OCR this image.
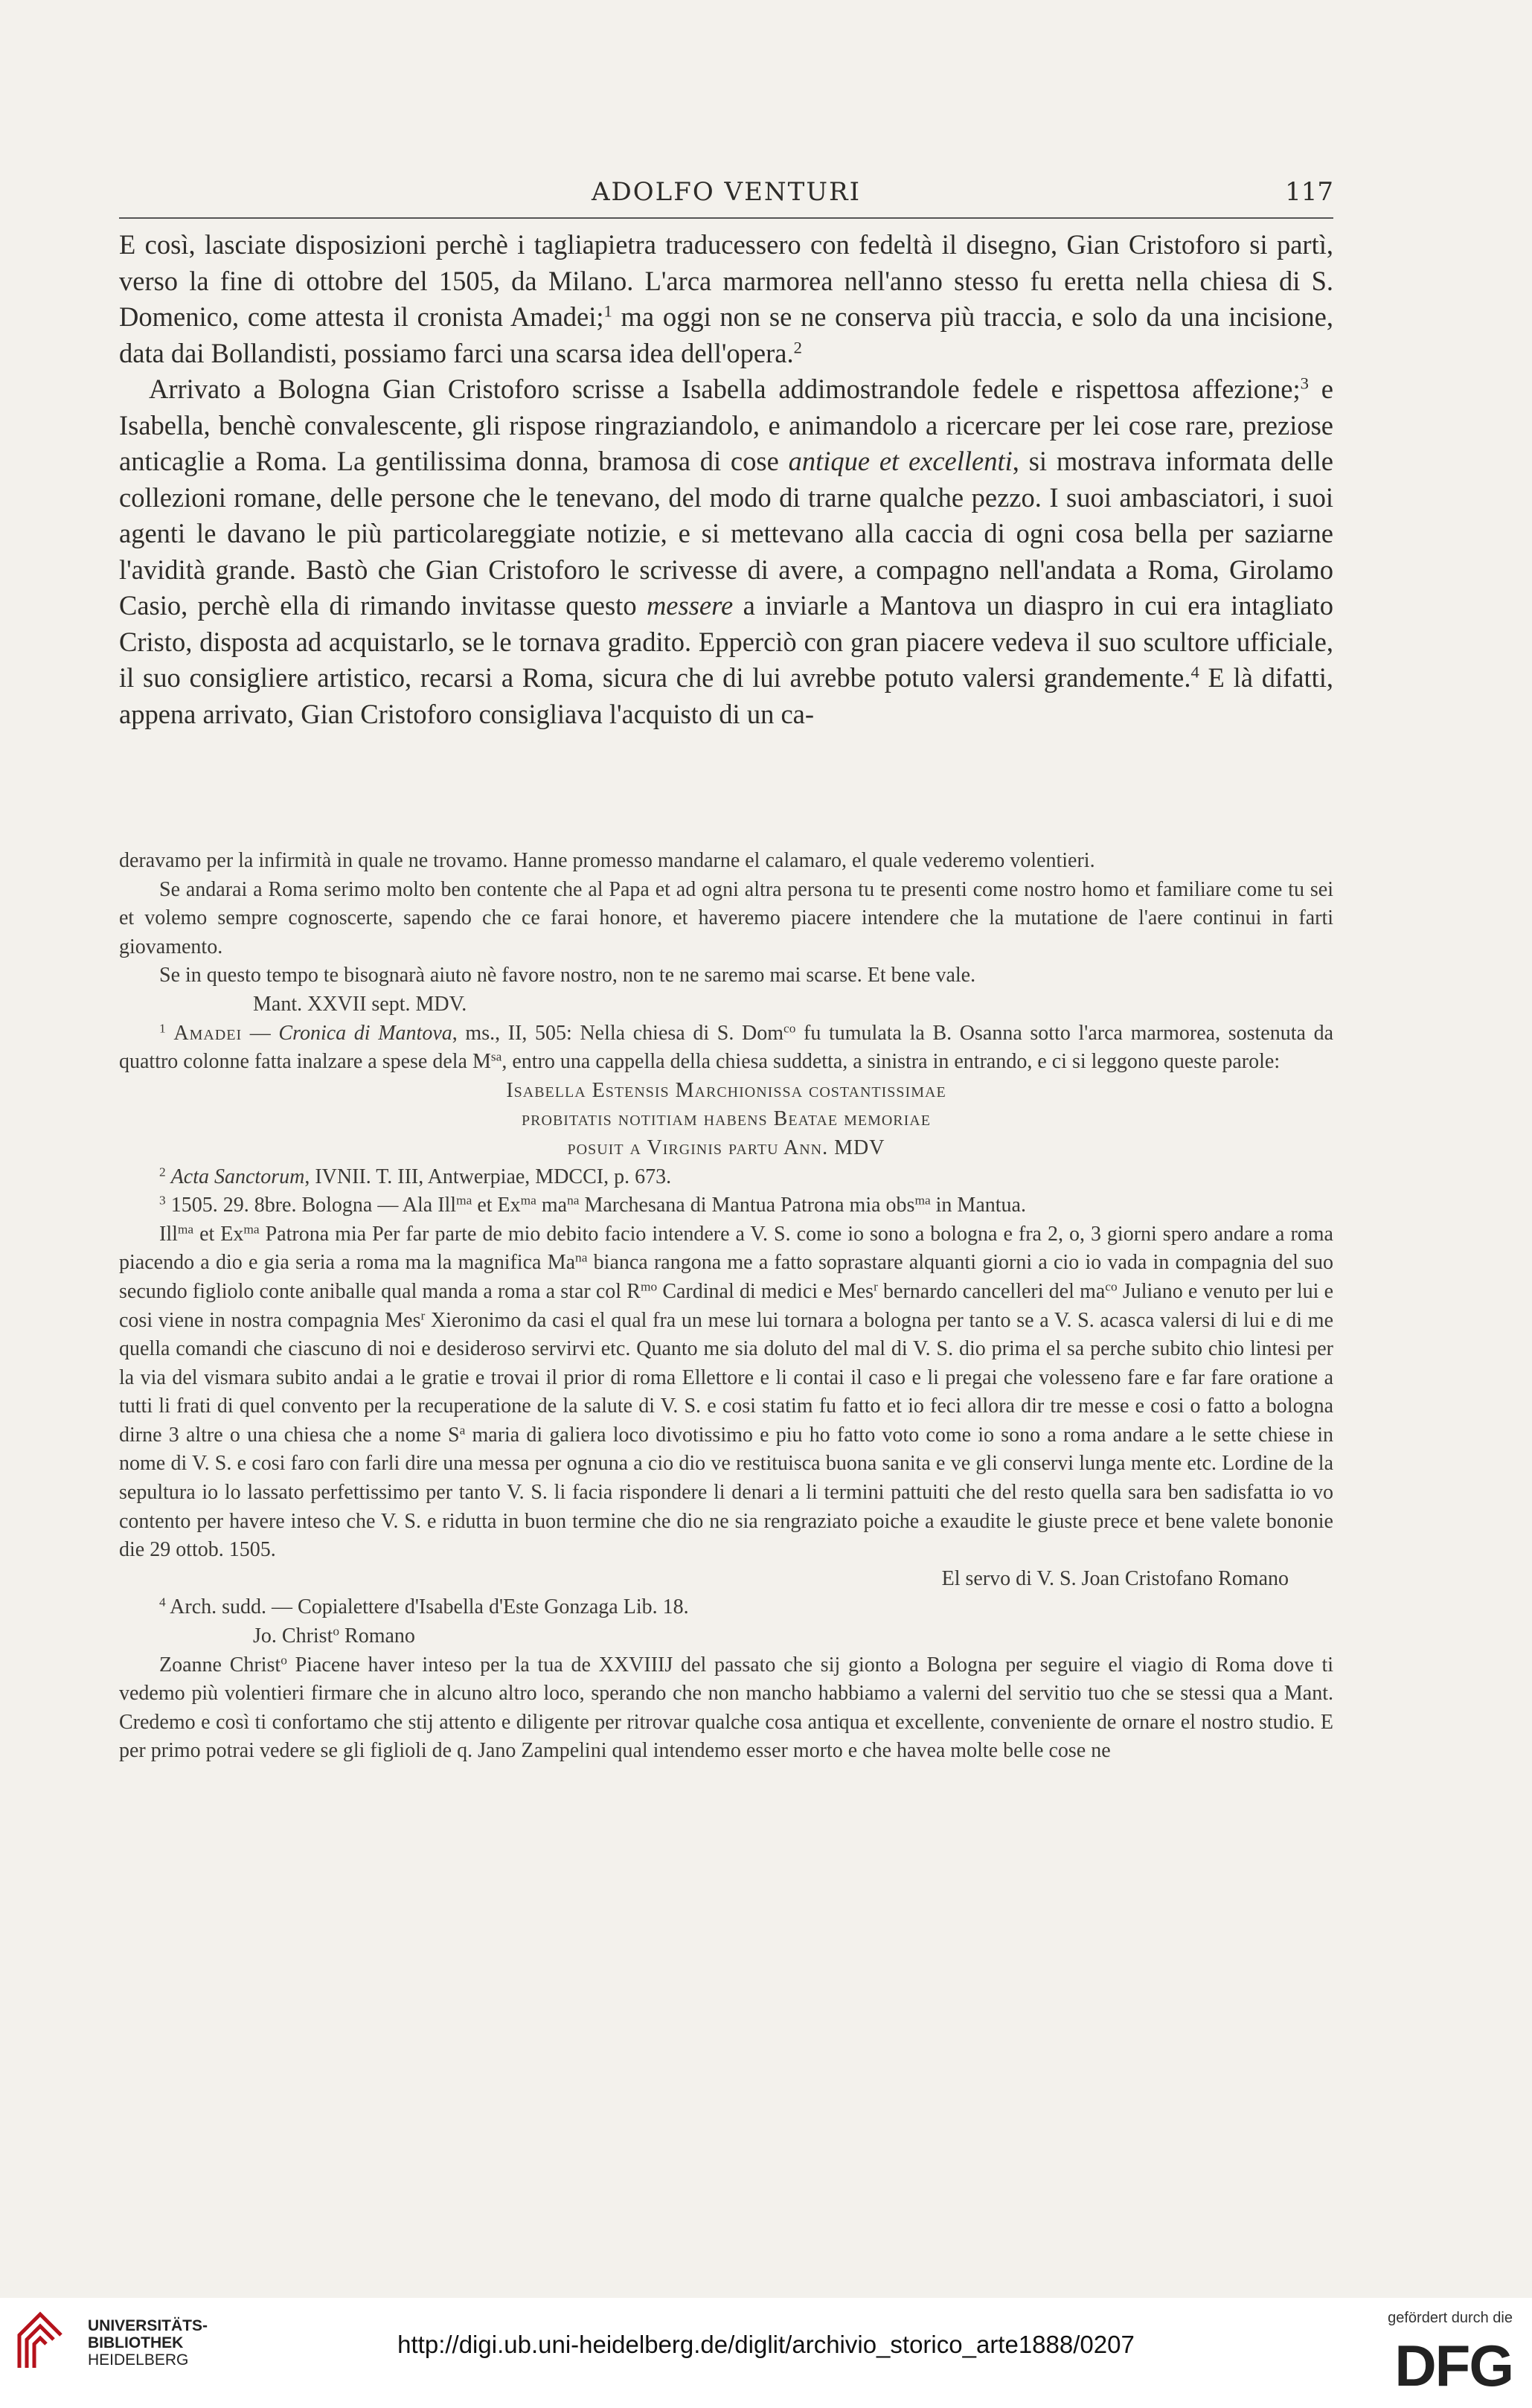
ADOLFO VENTURI	117

E così, lasciate disposizioni perchè i tagliapietra traducessero con fedeltà il disegno, Gian Cristoforo si partì, verso la fine di ottobre del 1505, da Milano. L'arca marmorea nell'anno stesso fu eretta nella chiesa di S. Domenico, come attesta il cronista Amadei;$^1$ ma oggi non se ne conserva più traccia, e solo da una incisione, data dai Bollandisti, possiamo farci una scarsa idea dell'opera.$^2$

Arrivato a Bologna Gian Cristoforo scrisse a Isabella addimostrandole fedele e rispettosa affezione;$^3$ e Isabella, benchè convalescente, gli rispose ringraziandolo, e animandolo a ricercare per lei cose rare, preziose anticaglie a Roma. La gentilissima donna, bramosa di cose antique et excellenti, si mostrava informata delle collezioni romane, delle persone che le tenevano, del modo di trarne qualche pezzo. I suoi ambasciatori, i suoi agenti le davano le più particolareggiate notizie, e si mettevano alla caccia di ogni cosa bella per saziarne l'avidità grande. Bastò che Gian Cristoforo le scrivesse di avere, a compagno nell'andata a Roma, Girolamo Casio, perchè ella di rimando invitasse questo messere a inviarle a Mantova un diaspro in cui era intagliato Cristo, disposta ad acquistarlo, se le tornava gradito. Epperciò con gran piacere vedeva il suo scultore ufficiale, il suo consigliere artistico, recarsi a Roma, sicura che di lui avrebbe potuto valersi grandemente.$^4$ E là difatti, appena arrivato, Gian Cristoforo consigliava l'acquisto di un ca-

deravamo per la infirmità in quale ne trovamo. Hanne promesso mandarne el calamaro, el quale vederemo volentieri.

Se andarai a Roma serimo molto ben contente che al Papa et ad ogni altra persona tu te presenti come nostro homo et familiare come tu sei et volemo sempre cognoscerte, sapendo che ce farai honore, et haveremo piacere intendere che la mutatione de l'aere continui in farti giovamento.

Se in questo tempo te bisognarà aiuto nè favore nostro, non te ne saremo mai scarse. Et bene vale.

Mant. XXVII sept. MDV.

$^1$ Amadei — Cronica di Mantova, ms., II, 505: Nella chiesa di S. Dom$^{co}$ fu tumulata la B. Osanna sotto l'arca marmorea, sostenuta da quattro colonne fatta inalzare a spese dela $M^{sa}$, entro una cappella della chiesa suddetta, a sinistra in entrando, e ci si leggono queste parole:

Isabella Estensis Marchionissa costantissimae

probitatis notitiam habens Beatae memoriae

posuit a Virginis partu Ann. MDV

$^2$ Acta Sanctorum, IVNII. T. III, Antwerpiae, MDCCI, p. 673.

$^3$ 1505. 29. 8bre. Bologna — Ala Ill$^{ma}$ et $Ex^{ma}$ $ma^{na}$ Marchesana di Mantua Patrona mia obs$^{ma}$ in Mantua.

Ill$^{ma}$ et $Ex^{ma}$ Patrona mia Per far parte de mio debito facio intendere a V. S. come io sono a bologna e fra 2, o, 3 giorni spero andare a roma piacendo a dio e gia seria a roma ma la magnifica $Ma^{na}$ bianca rangona me a fatto soprastare alquanti giorni a cio io vada in compagnia del suo secundo figliolo conte aniballe qual manda a roma a star col $R^{mo}$ Cardinal di medici e Mes$^r$ bernardo cancelleri del $ma^{co}$ Juliano e venuto per lui e cosi viene in nostra compagnia Mes$^r$ Xieronimo da casi el qual fra un mese lui tornara a bologna per tanto se a V. S. acasca valersi di lui e di me quella comandi che ciascuno di noi e desideroso servirvi etc. Quanto me sia doluto del mal di V. S. dio prima el sa perche subito chio lintesi per la via del vismara subito andai a le gratie e trovai il prior di roma Ellettore e li contai il caso e li pregai che volesseno fare e far fare oratione a tutti li frati di quel convento per la recuperatione de la salute di V. S. e cosi statim fu fatto et io feci allora dir tre messe e cosi o fatto a bologna dirne 3 altre o una chiesa che a nome $S^a$ maria di galiera loco divotissimo e piu ho fatto voto come io sono a roma andare a le sette chiese in nome di V. S. e cosi faro con farli dire una messa per ognuna a cio dio ve restituisca buona sanita e ve gli conservi lunga mente etc. Lordine de la sepultura io lo lassato perfettissimo per tanto V. S. li facia rispondere li denari a li termini pattuiti che del resto quella sara ben sadisfatta io vo contento per havere inteso che V. S. e ridutta in buon termine che dio ne sia rengraziato poiche a exaudite le giuste prece et bene valete bononie die 29 ottob. 1505.

El servo di V. S. Joan Cristofano Romano

$^4$ Arch. sudd. — Copialettere d'Isabella d'Este Gonzaga Lib. 18.

Jo. Christ$^o$ Romano

Zoanne Christ$^o$ Piacene haver inteso per la tua de XXVIIIJ del passato che sij gionto a Bologna per seguire el viagio di Roma dove ti vedemo più volentieri firmare che in alcuno altro loco, sperando che non mancho habbiamo a valerni del servitio tuo che se stessi qua a Mant. Credemo e così ti confortamo che stij attento e diligente per ritrovar qualche cosa antiqua et excellente, conveniente de ornare el nostro studio. E per primo potrai vedere se gli figlioli de q. Jano Zampelini qual intendemo esser morto e che havea molte belle cose ne

UNIVERSITÄTS-
BIBLIOTHEK
HEIDELBERG
http://digi.ub.uni-heidelberg.de/diglit/archivio_storico_arte1888/0207
gefördert durch die
DFG
